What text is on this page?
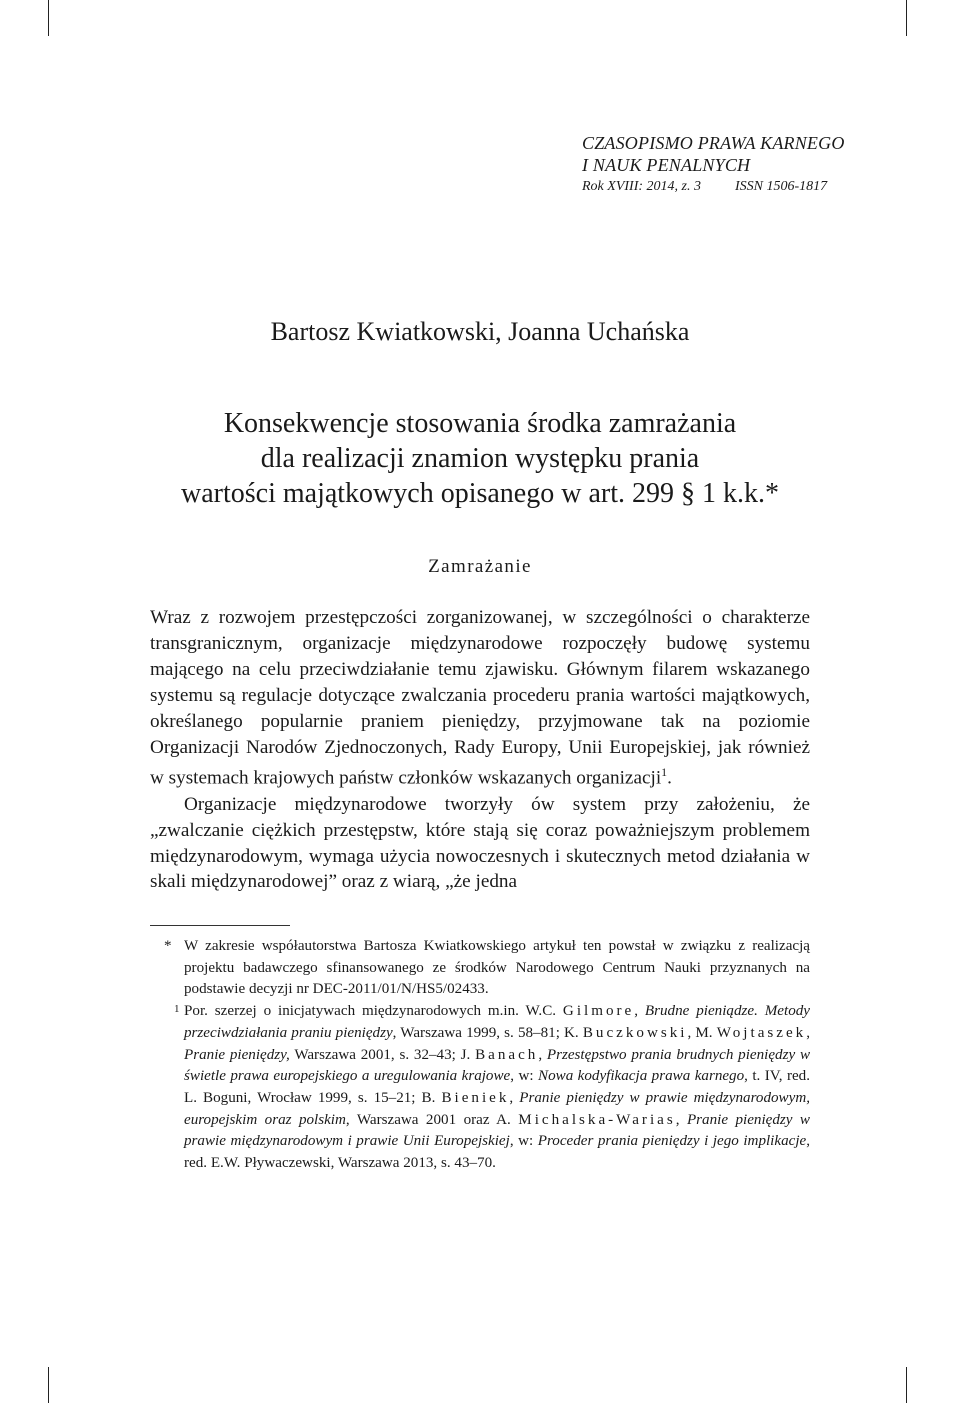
CZASOPISMO PRAWA KARNEGO
I NAUK PENALNYCH
Rok XVIII: 2014, z. 3 ISSN 1506-1817
Bartosz Kwiatkowski, Joanna Uchańska
Konsekwencje stosowania środka zamrażania
dla realizacji znamion występku prania
wartości majątkowych opisanego w art. 299 § 1 k.k.*
Zamrażanie

Wraz z rozwojem przestępczości zorganizowanej, w szczególności o charakterze transgranicznym, organizacje międzynarodowe rozpoczęły budowę systemu mającego na celu przeciwdziałanie temu zjawisku. Głównym filarem wskazanego systemu są regulacje dotyczące zwalczania procederu prania wartości majątkowych, określanego popularnie praniem pieniędzy, przyjmowane tak na poziomie Organizacji Narodów Zjednoczonych, Rady Europy, Unii Europejskiej, jak również w systemach krajowych państw członków wskazanych organizacji$^1$.

Organizacje międzynarodowe tworzyły ów system przy założeniu, że „zwalczanie ciężkich przestępstw, które stają się coraz poważniejszym problemem międzynarodowym, wymaga użycia nowoczesnych i skutecznych metod działania w skali międzynarodowej” oraz z wiarą, „że jedna

* W zakresie współautorstwa Bartosza Kwiatkowskiego artykuł ten powstał w związku z realizacją projektu badawczego sfinansowanego ze środków Narodowego Centrum Nauki przyznanych na podstawie decyzji nr DEC-2011/01/N/HS5/02433.
1 Por. szerzej o inicjatywach międzynarodowych m.in. W.C. Gilmore, Brudne pieniądze. Metody przeciwdziałania praniu pieniędzy, Warszawa 1999, s. 58–81; K. Buczkowski, M. Wojtaszek, Pranie pieniędzy, Warszawa 2001, s. 32–43; J. Banach, Przestępstwo prania brudnych pieniędzy w świetle prawa europejskiego a uregulowania krajowe, w: Nowa kodyfikacja prawa karnego, t. IV, red. L. Boguni, Wrocław 1999, s. 15–21; B. Bieniek, Pranie pieniędzy w prawie międzynarodowym, europejskim oraz polskim, Warszawa 2001 oraz A. Michalska-Warias, Pranie pieniędzy w prawie międzynarodowym i prawie Unii Europejskiej, w: Proceder prania pieniędzy i jego implikacje, red. E.W. Pływaczewski, Warszawa 2013, s. 43–70.
